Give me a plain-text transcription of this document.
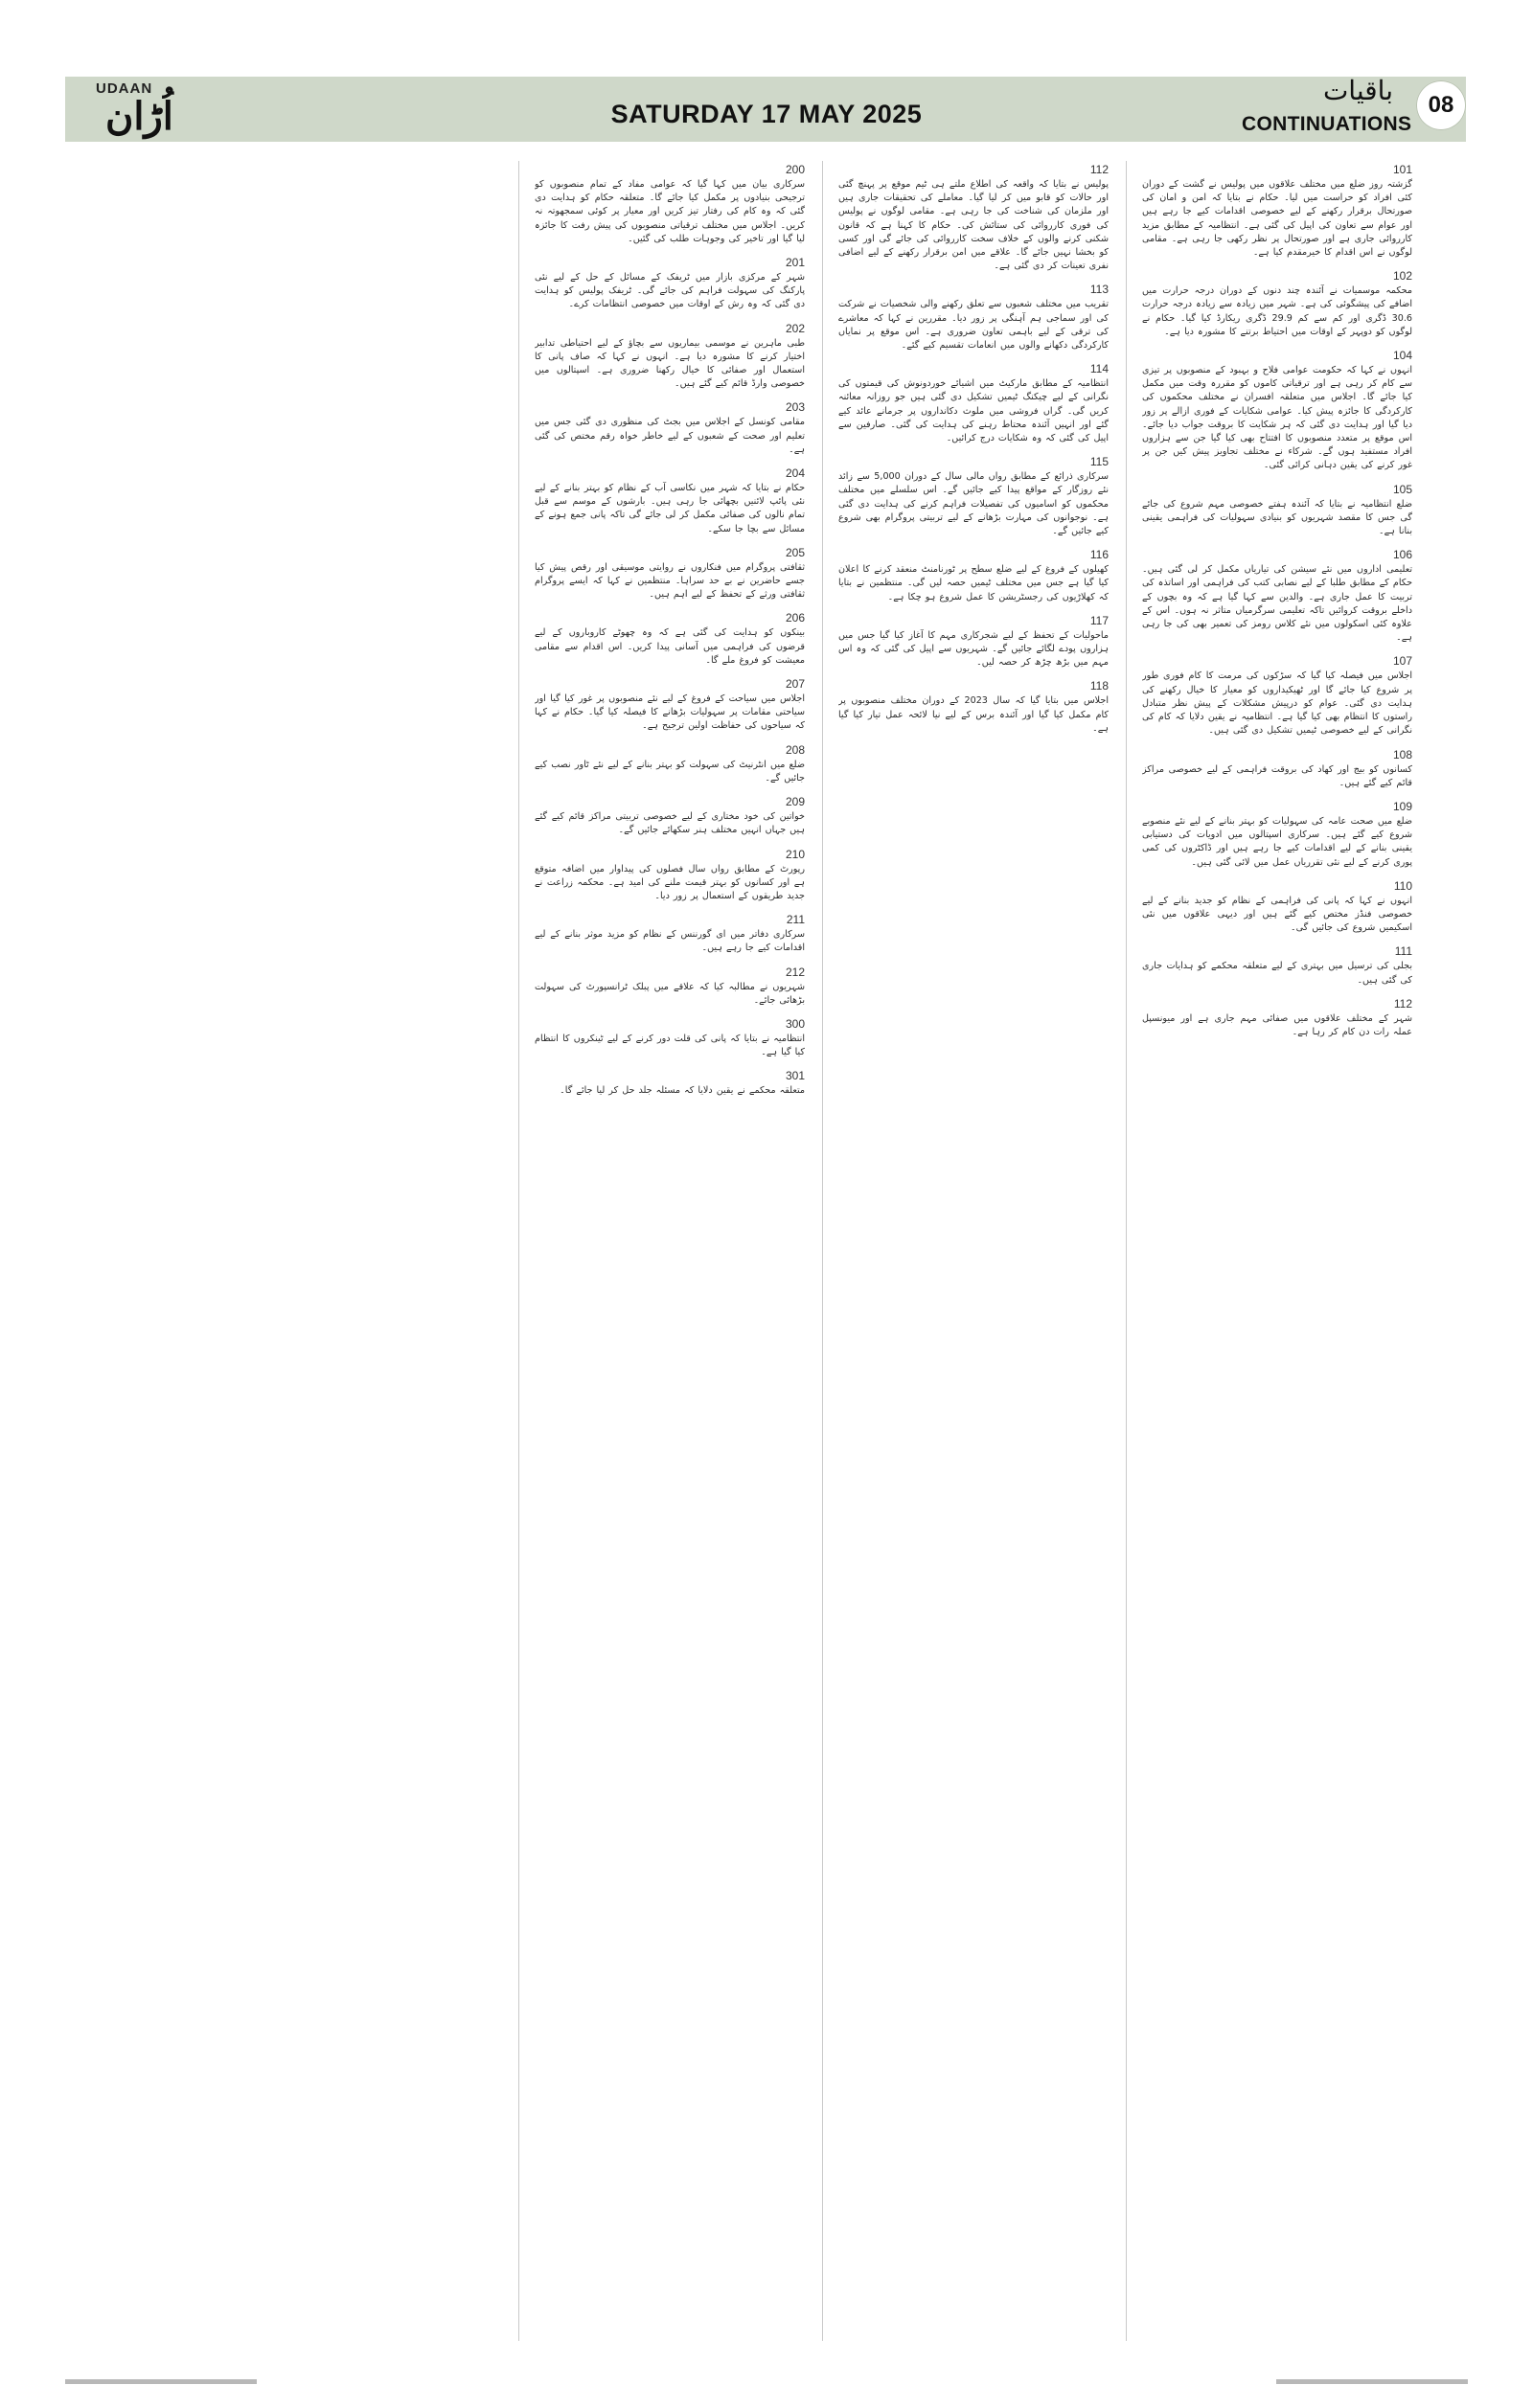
UDAAN
اُڑان	SATURDAY 17 MAY 2025
باقیات
CONTINUATIONS
08
101
گزشتہ روز ضلع میں مختلف علاقوں میں پولیس نے گشت کے دوران کئی افراد کو حراست میں لیا۔ حکام نے بتایا کہ امن و امان کی صورتحال برقرار رکھنے کے لیے خصوصی اقدامات کیے جا رہے ہیں اور عوام سے تعاون کی اپیل کی گئی ہے۔ انتظامیہ کے مطابق مزید کارروائی جاری ہے اور صورتحال پر نظر رکھی جا رہی ہے۔ مقامی لوگوں نے اس اقدام کا خیرمقدم کیا ہے۔
102
محکمہ موسمیات نے آئندہ چند دنوں کے دوران درجہ حرارت میں اضافے کی پیشگوئی کی ہے۔ شہر میں زیادہ سے زیادہ درجہ حرارت 30.6 ڈگری اور کم سے کم 29.9 ڈگری ریکارڈ کیا گیا۔ حکام نے لوگوں کو دوپہر کے اوقات میں احتیاط برتنے کا مشورہ دیا ہے۔
104
انہوں نے کہا کہ حکومت عوامی فلاح و بہبود کے منصوبوں پر تیزی سے کام کر رہی ہے اور ترقیاتی کاموں کو مقررہ وقت میں مکمل کیا جائے گا۔ اجلاس میں متعلقہ افسران نے مختلف محکموں کی کارکردگی کا جائزہ پیش کیا۔ عوامی شکایات کے فوری ازالے پر زور دیا گیا اور ہدایت دی گئی کہ ہر شکایت کا بروقت جواب دیا جائے۔ اس موقع پر متعدد منصوبوں کا افتتاح بھی کیا گیا جن سے ہزاروں افراد مستفید ہوں گے۔ شرکاء نے مختلف تجاویز پیش کیں جن پر غور کرنے کی یقین دہانی کرائی گئی۔
105
ضلع انتظامیہ نے بتایا کہ آئندہ ہفتے خصوصی مہم شروع کی جائے گی جس کا مقصد شہریوں کو بنیادی سہولیات کی فراہمی یقینی بنانا ہے۔
106
تعلیمی اداروں میں نئے سیشن کی تیاریاں مکمل کر لی گئی ہیں۔ حکام کے مطابق طلبا کے لیے نصابی کتب کی فراہمی اور اساتذہ کی تربیت کا عمل جاری ہے۔ والدین سے کہا گیا ہے کہ وہ بچوں کے داخلے بروقت کروائیں تاکہ تعلیمی سرگرمیاں متاثر نہ ہوں۔ اس کے علاوہ کئی اسکولوں میں نئے کلاس رومز کی تعمیر بھی کی جا رہی ہے۔
107
اجلاس میں فیصلہ کیا گیا کہ سڑکوں کی مرمت کا کام فوری طور پر شروع کیا جائے گا اور ٹھیکیداروں کو معیار کا خیال رکھنے کی ہدایت دی گئی۔ عوام کو درپیش مشکلات کے پیش نظر متبادل راستوں کا انتظام بھی کیا گیا ہے۔ انتظامیہ نے یقین دلایا کہ کام کی نگرانی کے لیے خصوصی ٹیمیں تشکیل دی گئی ہیں۔
108
کسانوں کو بیج اور کھاد کی بروقت فراہمی کے لیے خصوصی مراکز قائم کیے گئے ہیں۔
109
ضلع میں صحت عامہ کی سہولیات کو بہتر بنانے کے لیے نئے منصوبے شروع کیے گئے ہیں۔ سرکاری اسپتالوں میں ادویات کی دستیابی یقینی بنانے کے لیے اقدامات کیے جا رہے ہیں اور ڈاکٹروں کی کمی پوری کرنے کے لیے نئی تقرریاں عمل میں لائی گئی ہیں۔
110
انہوں نے کہا کہ پانی کی فراہمی کے نظام کو جدید بنانے کے لیے خصوصی فنڈز مختص کیے گئے ہیں اور دیہی علاقوں میں نئی اسکیمیں شروع کی جائیں گی۔
111
بجلی کی ترسیل میں بہتری کے لیے متعلقہ محکمے کو ہدایات جاری کی گئی ہیں۔
112
شہر کے مختلف علاقوں میں صفائی مہم جاری ہے اور میونسپل عملہ رات دن کام کر رہا ہے۔
112
پولیس نے بتایا کہ واقعہ کی اطلاع ملتے ہی ٹیم موقع پر پہنچ گئی اور حالات کو قابو میں کر لیا گیا۔ معاملے کی تحقیقات جاری ہیں اور ملزمان کی شناخت کی جا رہی ہے۔ مقامی لوگوں نے پولیس کی فوری کارروائی کی ستائش کی۔ حکام کا کہنا ہے کہ قانون شکنی کرنے والوں کے خلاف سخت کارروائی کی جائے گی اور کسی کو بخشا نہیں جائے گا۔ علاقے میں امن برقرار رکھنے کے لیے اضافی نفری تعینات کر دی گئی ہے۔
113
تقریب میں مختلف شعبوں سے تعلق رکھنے والی شخصیات نے شرکت کی اور سماجی ہم آہنگی پر زور دیا۔ مقررین نے کہا کہ معاشرے کی ترقی کے لیے باہمی تعاون ضروری ہے۔ اس موقع پر نمایاں کارکردگی دکھانے والوں میں انعامات تقسیم کیے گئے۔
114
انتظامیہ کے مطابق مارکیٹ میں اشیائے خوردونوش کی قیمتوں کی نگرانی کے لیے چیکنگ ٹیمیں تشکیل دی گئی ہیں جو روزانہ معائنہ کریں گی۔ گراں فروشی میں ملوث دکانداروں پر جرمانے عائد کیے گئے اور انہیں آئندہ محتاط رہنے کی ہدایت کی گئی۔ صارفین سے اپیل کی گئی کہ وہ شکایات درج کرائیں۔
115
سرکاری ذرائع کے مطابق رواں مالی سال کے دوران 5,000 سے زائد نئے روزگار کے مواقع پیدا کیے جائیں گے۔ اس سلسلے میں مختلف محکموں کو اسامیوں کی تفصیلات فراہم کرنے کی ہدایت دی گئی ہے۔ نوجوانوں کی مہارت بڑھانے کے لیے تربیتی پروگرام بھی شروع کیے جائیں گے۔
116
کھیلوں کے فروغ کے لیے ضلع سطح پر ٹورنامنٹ منعقد کرنے کا اعلان کیا گیا ہے جس میں مختلف ٹیمیں حصہ لیں گی۔ منتظمین نے بتایا کہ کھلاڑیوں کی رجسٹریشن کا عمل شروع ہو چکا ہے۔
117
ماحولیات کے تحفظ کے لیے شجرکاری مہم کا آغاز کیا گیا جس میں ہزاروں پودے لگائے جائیں گے۔ شہریوں سے اپیل کی گئی کہ وہ اس مہم میں بڑھ چڑھ کر حصہ لیں۔
118
اجلاس میں بتایا گیا کہ سال 2023 کے دوران مختلف منصوبوں پر کام مکمل کیا گیا اور آئندہ برس کے لیے نیا لائحہ عمل تیار کیا گیا ہے۔
200
سرکاری بیان میں کہا گیا کہ عوامی مفاد کے تمام منصوبوں کو ترجیحی بنیادوں پر مکمل کیا جائے گا۔ متعلقہ حکام کو ہدایت دی گئی کہ وہ کام کی رفتار تیز کریں اور معیار پر کوئی سمجھوتہ نہ کریں۔ اجلاس میں مختلف ترقیاتی منصوبوں کی پیش رفت کا جائزہ لیا گیا اور تاخیر کی وجوہات طلب کی گئیں۔
201
شہر کے مرکزی بازار میں ٹریفک کے مسائل کے حل کے لیے نئی پارکنگ کی سہولت فراہم کی جائے گی۔ ٹریفک پولیس کو ہدایت دی گئی کہ وہ رش کے اوقات میں خصوصی انتظامات کرے۔
202
طبی ماہرین نے موسمی بیماریوں سے بچاؤ کے لیے احتیاطی تدابیر اختیار کرنے کا مشورہ دیا ہے۔ انہوں نے کہا کہ صاف پانی کا استعمال اور صفائی کا خیال رکھنا ضروری ہے۔ اسپتالوں میں خصوصی وارڈ قائم کیے گئے ہیں۔
203
مقامی کونسل کے اجلاس میں بجٹ کی منظوری دی گئی جس میں تعلیم اور صحت کے شعبوں کے لیے خاطر خواہ رقم مختص کی گئی ہے۔
204
حکام نے بتایا کہ شہر میں نکاسی آب کے نظام کو بہتر بنانے کے لیے نئی پائپ لائنیں بچھائی جا رہی ہیں۔ بارشوں کے موسم سے قبل تمام نالوں کی صفائی مکمل کر لی جائے گی تاکہ پانی جمع ہونے کے مسائل سے بچا جا سکے۔
205
ثقافتی پروگرام میں فنکاروں نے روایتی موسیقی اور رقص پیش کیا جسے حاضرین نے بے حد سراہا۔ منتظمین نے کہا کہ ایسے پروگرام ثقافتی ورثے کے تحفظ کے لیے اہم ہیں۔
206
بینکوں کو ہدایت کی گئی ہے کہ وہ چھوٹے کاروباروں کے لیے قرضوں کی فراہمی میں آسانی پیدا کریں۔ اس اقدام سے مقامی معیشت کو فروغ ملے گا۔
207
اجلاس میں سیاحت کے فروغ کے لیے نئے منصوبوں پر غور کیا گیا اور سیاحتی مقامات پر سہولیات بڑھانے کا فیصلہ کیا گیا۔ حکام نے کہا کہ سیاحوں کی حفاظت اولین ترجیح ہے۔
208
ضلع میں انٹرنیٹ کی سہولت کو بہتر بنانے کے لیے نئے ٹاور نصب کیے جائیں گے۔
209
خواتین کی خود مختاری کے لیے خصوصی تربیتی مراکز قائم کیے گئے ہیں جہاں انہیں مختلف ہنر سکھائے جائیں گے۔
210
رپورٹ کے مطابق رواں سال فصلوں کی پیداوار میں اضافہ متوقع ہے اور کسانوں کو بہتر قیمت ملنے کی امید ہے۔ محکمہ زراعت نے جدید طریقوں کے استعمال پر زور دیا۔
211
سرکاری دفاتر میں ای گورننس کے نظام کو مزید موثر بنانے کے لیے اقدامات کیے جا رہے ہیں۔
212
شہریوں نے مطالبہ کیا کہ علاقے میں پبلک ٹرانسپورٹ کی سہولت بڑھائی جائے۔
300
انتظامیہ نے بتایا کہ پانی کی قلت دور کرنے کے لیے ٹینکروں کا انتظام کیا گیا ہے۔
301
متعلقہ محکمے نے یقین دلایا کہ مسئلہ جلد حل کر لیا جائے گا۔
